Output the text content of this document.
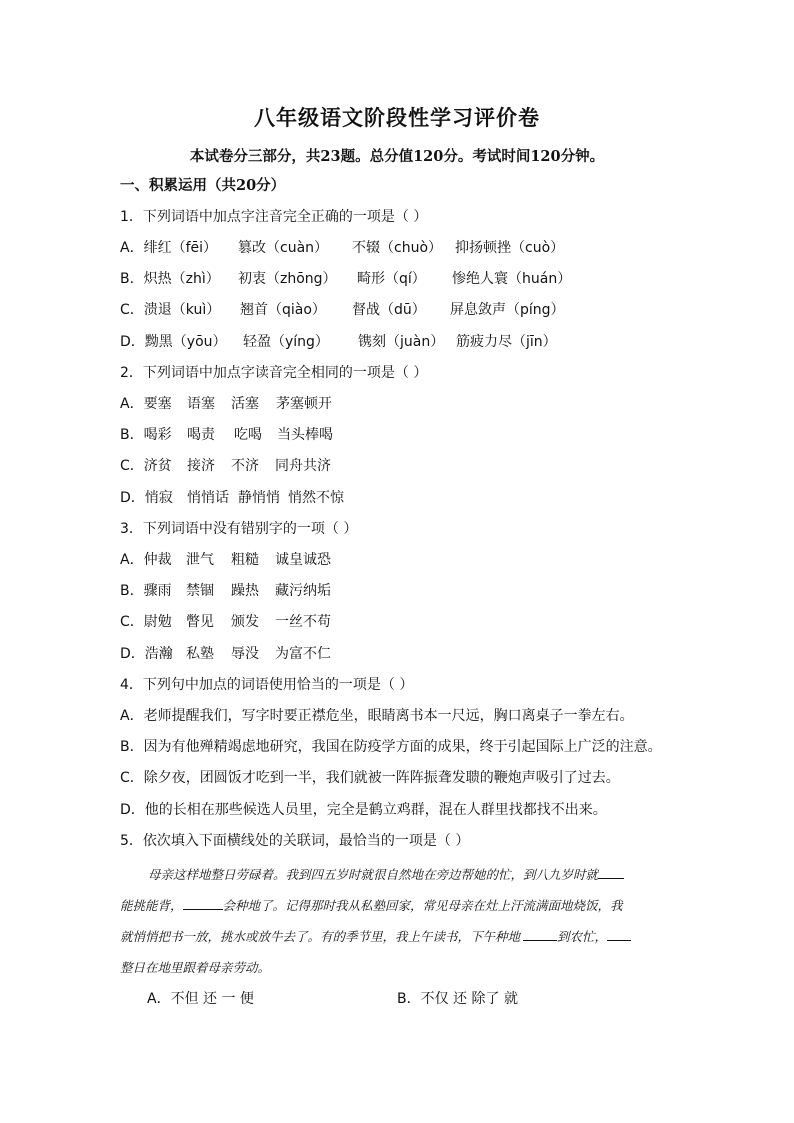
八年级语文阶段性学习评价卷
本试卷分三部分，共23题。总分值120分。考试时间120分钟。
一、积累运用（共20分）
1．下列词语中加点字注音完全正确的一项是（ ）
A．绯红（fēi） 篡改（cuàn） 不辍（chuò） 抑扬顿挫（cuò）
B．炽热（zhì） 初衷（zhōng） 畸形（qí） 惨绝人寰（huán）
C．溃退（kuì） 翘首（qiào） 督战（dū） 屏息敛声（píng）
D．黝黑（yōu） 轻盈（yíng） 镌刻（juàn） 筋疲力尽（jīn）
2．下列词语中加点字读音完全相同的一项是（ ）
A．要塞 语塞 活塞 茅塞顿开
B．喝彩 喝责 吃喝 当头棒喝
C．济贫 接济 不济 同舟共济
D．悄寂 悄悄话 静悄悄 悄然不惊
3．下列词语中没有错别字的一项（ ）
A．仲裁 泄气 粗糙 诚皇诚恐
B．骤雨 禁锢 躁热 藏污纳垢
C．尉勉 瞥见 颁发 一丝不苟
D．浩瀚 私塾 辱没 为富不仁
4．下列句中加点的词语使用恰当的一项是（ ）
A．老师提醒我们，写字时要正襟危坐，眼睛离书本一尺远，胸口离桌子一拳左右。
B．因为有他殚精竭虑地研究，我国在防疫学方面的成果，终于引起国际上广泛的注意。
C．除夕夜，团圆饭才吃到一半，我们就被一阵阵振聋发聩的鞭炮声吸引了过去。
D．他的长相在那些候选人员里，完全是鹤立鸡群，混在人群里找都找不出来。
5．依次填入下面横线处的关联词，最恰当的一项是（ ）
母亲这样地整日劳碌着。我到四五岁时就很自然地在旁边帮她的忙，到八九岁时就
能挑能背，	会种地了。记得那时我从私塾回家，常见母亲在灶上汗流满面地烧饭，我
就悄悄把书一放，挑水或放牛去了。有的季节里，我上午读书，下午种地	到农忙，
整日在地里跟着母亲劳动。
A．不但 还 一 便	B．不仅 还 除了 就
